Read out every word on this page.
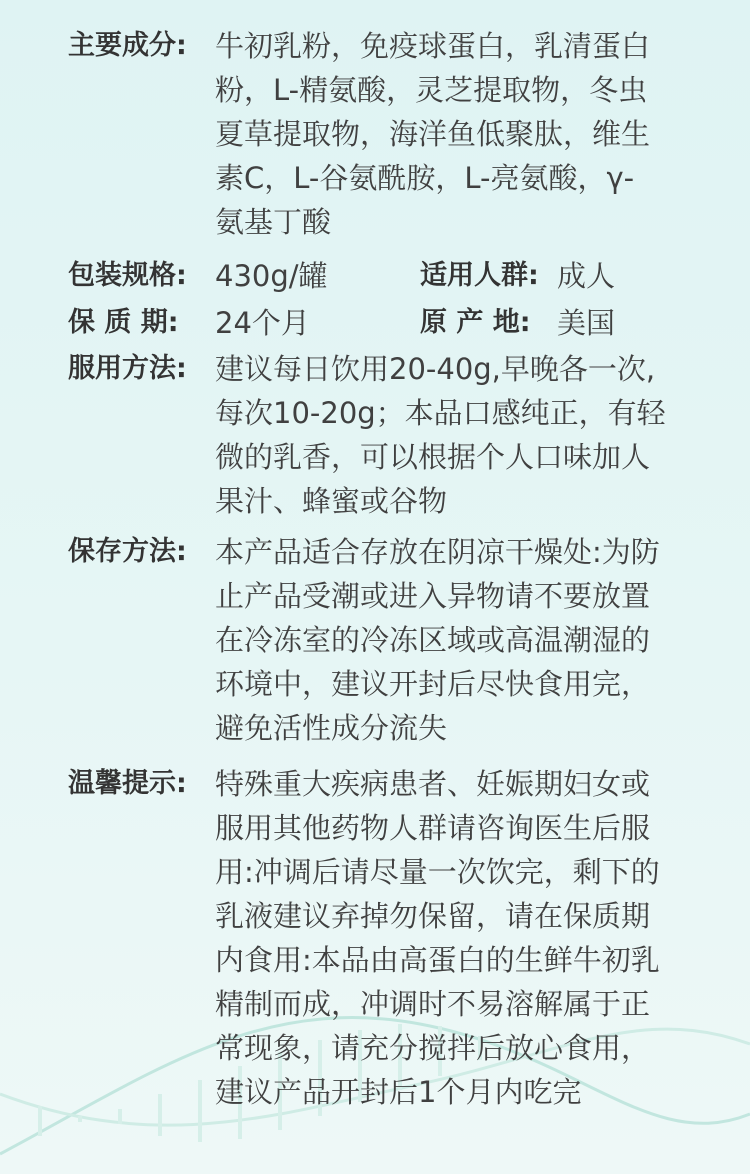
主要成分: 牛初乳粉，免疫球蛋白，乳清蛋白
粉，L-精氨酸，灵芝提取物，冬虫
夏草提取物，海洋鱼低聚肽，维生
素C，L-谷氨酰胺，L-亮氨酸，γ-
氨基丁酸
包装规格: 430g/罐	适用人群: 成人
保 质 期:	24个月	原 产 地: 美国
服用方法: 建议每日饮用20-40g,早晚各一次,
每次10-20g；本品口感纯正，有轻
微的乳香，可以根据个人口味加人
果汁、蜂蜜或谷物
保存方法: 本产品适合存放在阴凉干燥处:为防
止产品受潮或进入异物请不要放置
在冷冻室的冷冻区域或高温潮湿的
环境中，建议开封后尽快食用完，
避免活性成分流失
温馨提示: 特殊重大疾病患者、妊娠期妇女或
服用其他药物人群请咨询医生后服
用:冲调后请尽量一次饮完，剩下的
乳液建议弃掉勿保留，请在保质期
内食用:本品由高蛋白的生鲜牛初乳
精制而成，冲调时不易溶解属于正
常现象，请充分搅拌后放心食用，
建议产品开封后1个月内吃完
